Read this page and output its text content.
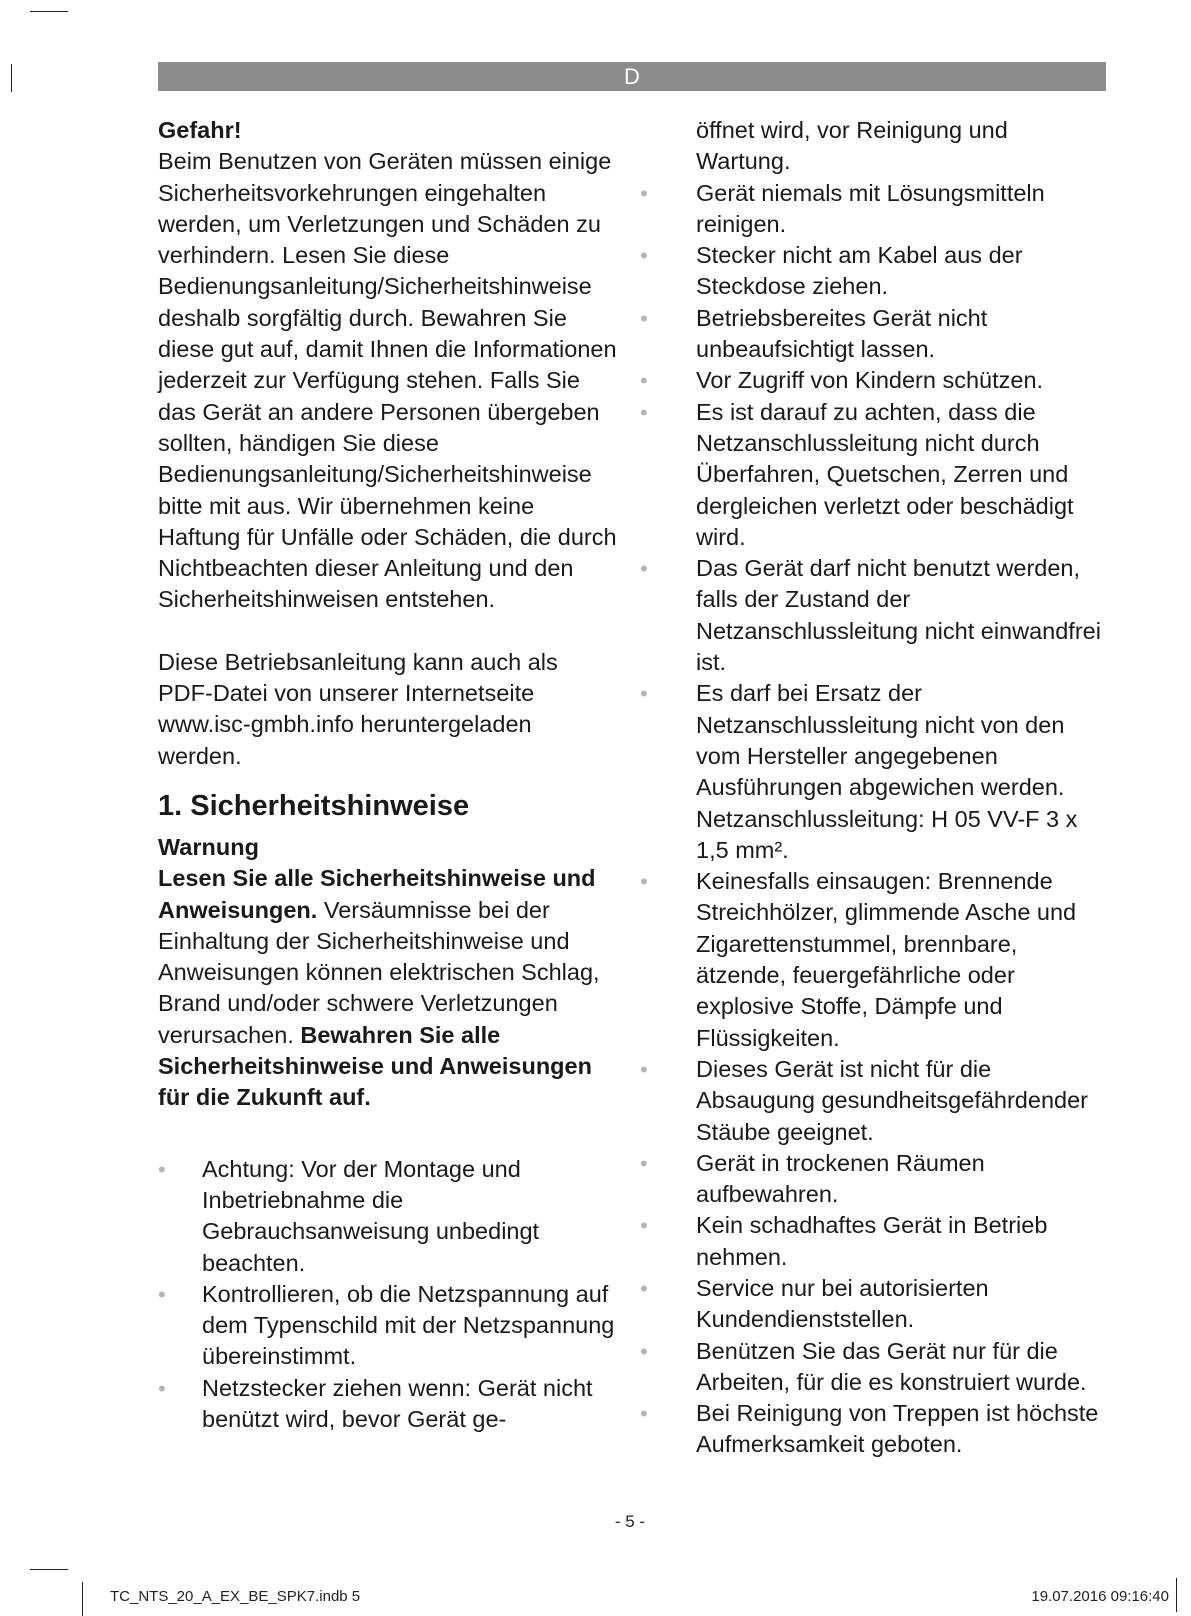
D

Gefahr!

Beim Benutzen von Geräten müssen einige Sicherheitsvorkehrungen eingehalten werden, um Verletzungen und Schäden zu verhindern. Lesen Sie diese Bedienungsanleitung/Sicherheitshinweise deshalb sorgfältig durch. Bewahren Sie diese gut auf, damit Ihnen die Informationen jederzeit zur Verfügung stehen. Falls Sie das Gerät an andere Personen übergeben sollten, händigen Sie diese Bedienungsanleitung/Sicherheitshinweise bitte mit aus. Wir übernehmen keine Haftung für Unfälle oder Schäden, die durch Nichtbeachten dieser Anleitung und den Sicherheitshinweisen entstehen.

Diese Betriebsanleitung kann auch als PDF-Datei von unserer Internetseite www.isc-gmbh.info heruntergeladen werden.

1. Sicherheitshinweise

Warnung

Lesen Sie alle Sicherheitshinweise und Anweisungen. Versäumnisse bei der Einhaltung der Sicherheitshinweise und Anweisungen können elektrischen Schlag, Brand und/oder schwere Verletzungen verursachen. Bewahren Sie alle Sicherheitshinweise und Anweisungen für die Zukunft auf.

• Achtung: Vor der Montage und Inbetriebnahme die Gebrauchsanweisung unbedingt beachten.
• Kontrollieren, ob die Netzspannung auf dem Typenschild mit der Netzspannung übereinstimmt.
• Netzstecker ziehen wenn: Gerät nicht benützt wird, bevor Gerät ge-

öffnet wird, vor Reinigung und Wartung.

• Gerät niemals mit Lösungsmitteln reinigen.
• Stecker nicht am Kabel aus der Steckdose ziehen.
• Betriebsbereites Gerät nicht unbeaufsichtigt lassen.
• Vor Zugriff von Kindern schützen.
• Es ist darauf zu achten, dass die Netzanschlussleitung nicht durch Überfahren, Quetschen, Zerren und dergleichen verletzt oder beschädigt wird.
• Das Gerät darf nicht benutzt werden, falls der Zustand der Netzanschlussleitung nicht einwandfrei ist.
• Es darf bei Ersatz der Netzanschlussleitung nicht von den vom Hersteller angegebenen Ausführungen abgewichen werden. Netzanschlussleitung: H 05 VV-F 3 x 1,5 mm².
• Keinesfalls einsaugen: Brennende Streichhölzer, glimmende Asche und Zigarettenstummel, brennbare, ätzende, feuergefährliche oder explosive Stoffe, Dämpfe und Flüssigkeiten.
• Dieses Gerät ist nicht für die Absaugung gesundheitsgefährdender Stäube geeignet.
• Gerät in trockenen Räumen aufbewahren.
• Kein schadhaftes Gerät in Betrieb nehmen.
• Service nur bei autorisierten Kundendienststellen.
• Benützen Sie das Gerät nur für die Arbeiten, für die es konstruiert wurde.
• Bei Reinigung von Treppen ist höchste Aufmerksamkeit geboten.
- 5 -
TC_NTS_20_A_EX_BE_SPK7.indb 5	19.07.2016 09:16:40
